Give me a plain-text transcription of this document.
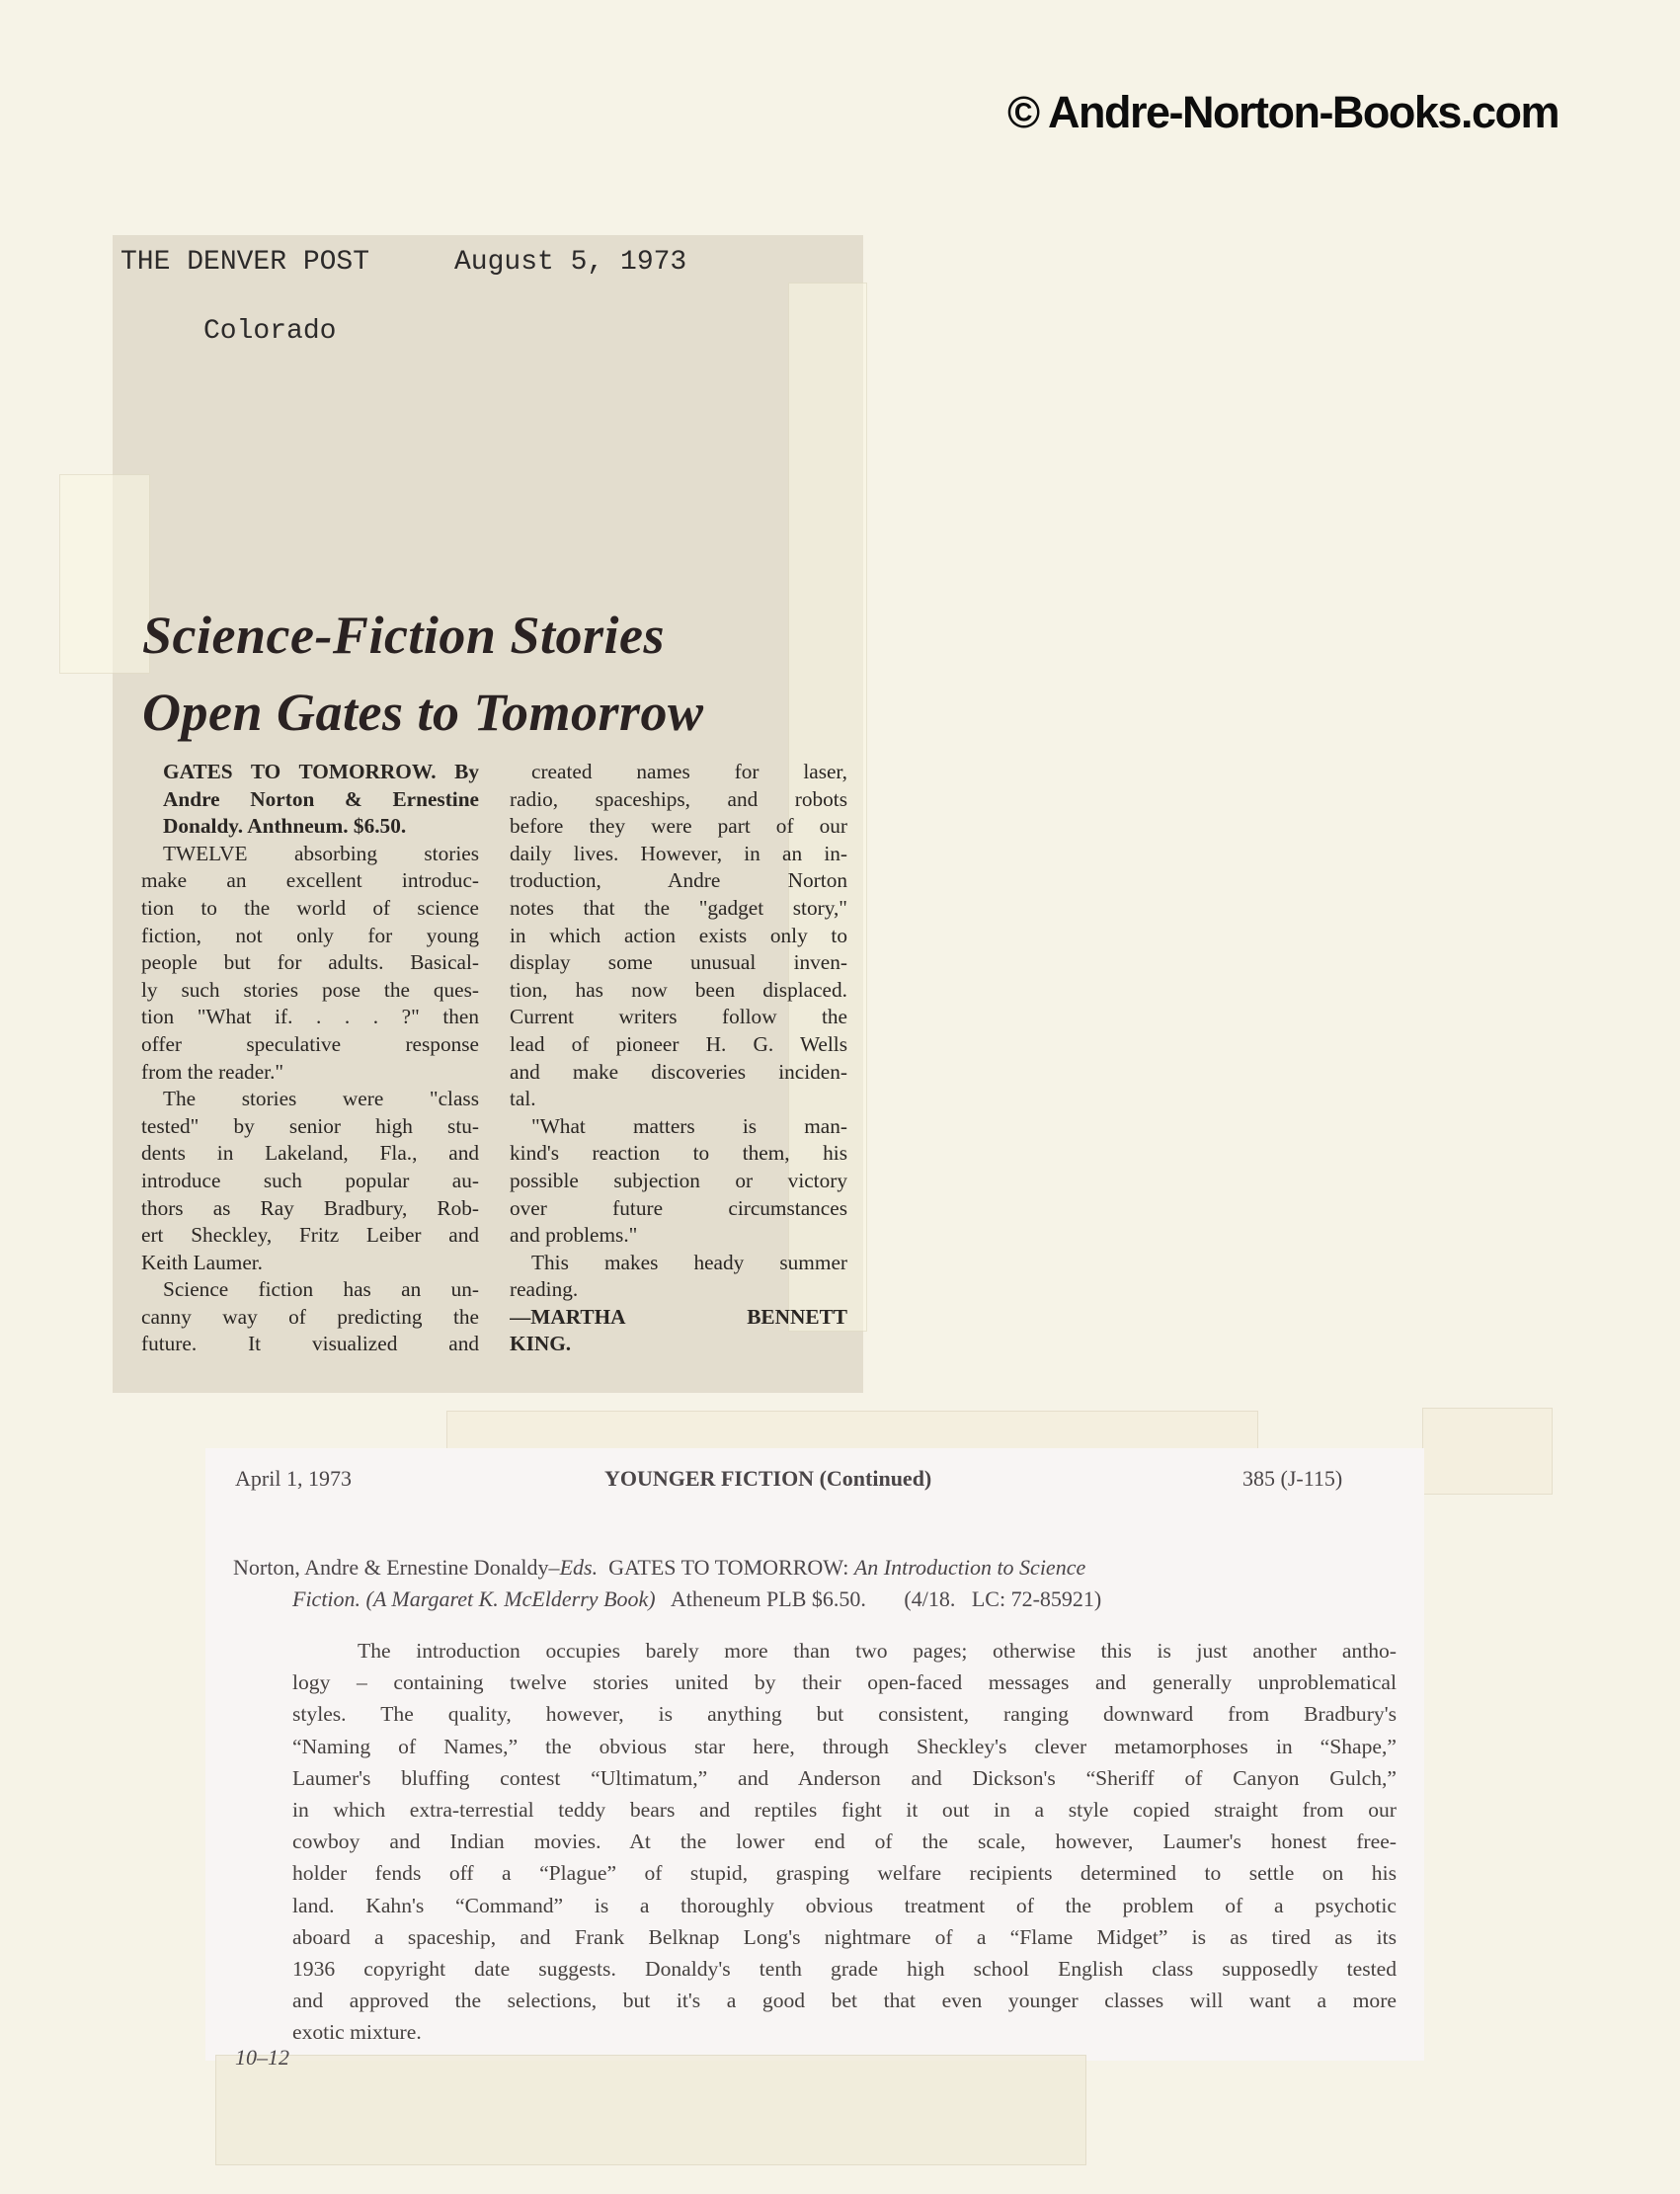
© Andre-Norton-Books.com
THE DENVER POST	August 5, 1973
Colorado
Science-Fiction Stories
Open Gates to Tomorrow

GATES TO TOMORROW. By

Andre Norton & Ernestine

Donaldy. Anthneum. $6.50.

TWELVE absorbing stories

make an excellent introduc-

tion to the world of science

fiction, not only for young

people but for adults. Basical-

ly such stories pose the ques-

tion "What if. . . . ?" then

offer speculative response

from the reader."

The stories were "class

tested" by senior high stu-

dents in Lakeland, Fla., and

introduce such popular au-

thors as Ray Bradbury, Rob-

ert Sheckley, Fritz Leiber and

Keith Laumer.

Science fiction has an un-

canny way of predicting the

future. It visualized and

created names for laser,

radio, spaceships, and robots

before they were part of our

daily lives. However, in an in-

troduction, Andre Norton

notes that the "gadget story,"

in which action exists only to

display some unusual inven-

tion, has now been displaced.

Current writers follow the

lead of pioneer H. G. Wells

and make discoveries inciden-

tal.

"What matters is man-

kind's reaction to them, his

possible subjection or victory

over future circumstances

and problems."

This makes heady summer

reading.

—MARTHA BENNETT

KING.

April 1, 1973	YOUNGER FICTION (Continued)	385 (J-115)
Norton, Andre & Ernestine Donaldy–Eds. GATES TO TOMORROW: An Introduction to Science
Fiction. (A Margaret K. McElderry Book) Atheneum PLB $6.50. (4/18. LC: 72-85921)

The introduction occupies barely more than two pages; otherwise this is just another antho-

logy – containing twelve stories united by their open-faced messages and generally unproblematical

styles. The quality, however, is anything but consistent, ranging downward from Bradbury's

“Naming of Names,” the obvious star here, through Sheckley's clever metamorphoses in “Shape,”

Laumer's bluffing contest “Ultimatum,” and Anderson and Dickson's “Sheriff of Canyon Gulch,”

in which extra-terrestial teddy bears and reptiles fight it out in a style copied straight from our

cowboy and Indian movies. At the lower end of the scale, however, Laumer's honest free-

holder fends off a “Plague” of stupid, grasping welfare recipients determined to settle on his

land. Kahn's “Command” is a thoroughly obvious treatment of the problem of a psychotic

aboard a spaceship, and Frank Belknap Long's nightmare of a “Flame Midget” is as tired as its

1936 copyright date suggests. Donaldy's tenth grade high school English class supposedly tested

and approved the selections, but it's a good bet that even younger classes will want a more

exotic mixture.

10–12
